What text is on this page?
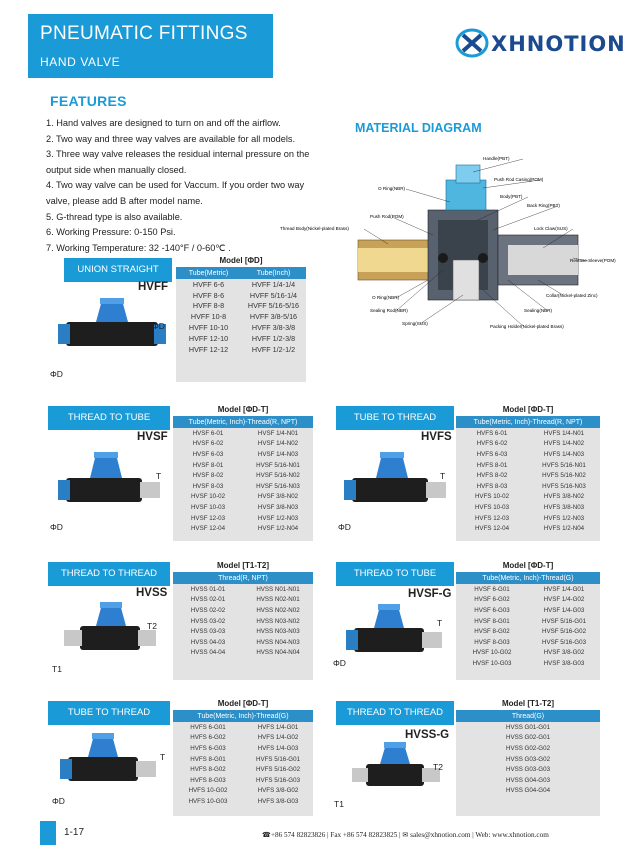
PNEUMATIC FITTINGS
HAND VALVE
XHNOTION
FEATURES
1. Hand valves are designed to turn on and off the airflow.
2. Two way and three way valves are available for all models.
3. Three way valve releases the residual internal pressure on the output side when manually closed.
4. Two way valve can be used for Vaccum. If you order two way valve, please add B after model name.
5. G-thread type is also available.
6. Working Pressure: 0-150 Psi.
7. Working Temperature: 32 -140°F / 0-60℃ .
MATERIAL DIAGRAM
Handle(PBT)
Push Rod Casing(POM)
O Ring(NBR)
Body(PBT)
Back Ring(PBT)
Push Rod(POM)
Thread Body(Nickel-plated Brass)	Lock Claw(SUS)
Release Sleeve(POM)
Collar(Nickel-plated Zinc)
O Ring(NBR)
Sealing Rod(NBR)	Sealing(NBR)
Spring(SUS)
Packing Holder(Nickel-plated Brass)
UNION STRAIGHT
HVFF
ΦD
ΦD
Model [ΦD]
Tube(Metric)	Tube(Inch)
HVFF 6-6	HVFF 1/4-1/4
HVFF 8-6	HVFF 5/16-1/4
HVFF 8-8	HVFF 5/16-5/16
HVFF 10-8	HVFF 3/8-5/16
HVFF 10-10	HVFF 3/8-3/8
HVFF 12-10	HVFF 1/2-3/8
HVFF 12-12	HVFF 1/2-1/2
THREAD TO TUBE
HVSF
T
ΦD
Model [ΦD-T]
Tube(Metric, Inch)-Thread(R, NPT)
HVSF 6-01	HVSF 1/4-N01
HVSF 6-02	HVSF 1/4-N02
HVSF 6-03	HVSF 1/4-N03
HVSF 8-01	HVSF 5/16-N01
HVSF 8-02	HVSF 5/16-N02
HVSF 8-03	HVSF 5/16-N03
HVSF 10-02	HVSF 3/8-N02
HVSF 10-03	HVSF 3/8-N03
HVSF 12-03	HVSF 1/2-N03
HVSF 12-04	HVSF 1/2-N04
TUBE TO THREAD
HVFS
T
ΦD
Model [ΦD-T]
Tube(Metric, Inch)-Thread(R, NPT)
HVFS 6-01	HVFS 1/4-N01
HVFS 6-02	HVFS 1/4-N02
HVFS 6-03	HVFS 1/4-N03
HVFS 8-01	HVFS 5/16-N01
HVFS 8-02	HVFS 5/16-N02
HVFS 8-03	HVFS 5/16-N03
HVFS 10-02	HVFS 3/8-N02
HVFS 10-03	HVFS 3/8-N03
HVFS 12-03	HVFS 1/2-N03
HVFS 12-04	HVFS 1/2-N04
THREAD TO THREAD
HVSS
T2
T1
Model [T1-T2]
Thread(R, NPT)
HVSS 01-01	HVSS N01-N01
HVSS 02-01	HVSS N02-N01
HVSS 02-02	HVSS N02-N02
HVSS 03-02	HVSS N03-N02
HVSS 03-03	HVSS N03-N03
HVSS 04-03	HVSS N04-N03
HVSS 04-04	HVSS N04-N04
THREAD TO TUBE
HVSF-G
T
ΦD
Model [ΦD-T]
Tube(Metric, Inch)-Thread(G)
HVSF 6-G01	HVSF 1/4-G01
HVSF 6-G02	HVSF 1/4-G02
HVSF 6-G03	HVSF 1/4-G03
HVSF 8-G01	HVSF 5/16-G01
HVSF 8-G02	HVSF 5/16-G02
HVSF 8-G03	HVSF 5/16-G03
HVSF 10-G02	HVSF 3/8-G02
HVSF 10-G03	HVSF 3/8-G03
TUBE TO THREAD
T
ΦD
Model [ΦD-T]
Tube(Metric, Inch)-Thread(G)
HVFS 6-G01	HVFS 1/4-G01
HVFS 6-G02	HVFS 1/4-G02
HVFS 6-G03	HVFS 1/4-G03
HVFS 8-G01	HVFS 5/16-G01
HVFS 8-G02	HVFS 5/16-G02
HVFS 8-G03	HVFS 5/16-G03
HVFS 10-G02	HVFS 3/8-G02
HVFS 10-G03	HVFS 3/8-G03
THREAD TO THREAD
HVSS-G
T2
T1
Model [T1-T2]
Thread(G)
HVSS G01-G01
HVSS G02-G01
HVSS G02-G02
HVSS G03-G02
HVSS G03-G03
HVSS G04-G03
HVSS G04-G04
1-17	☎+86 574 82823826 | Fax +86 574 82823825 | ✉ sales@xhnotion.com | Web: www.xhnotion.com
